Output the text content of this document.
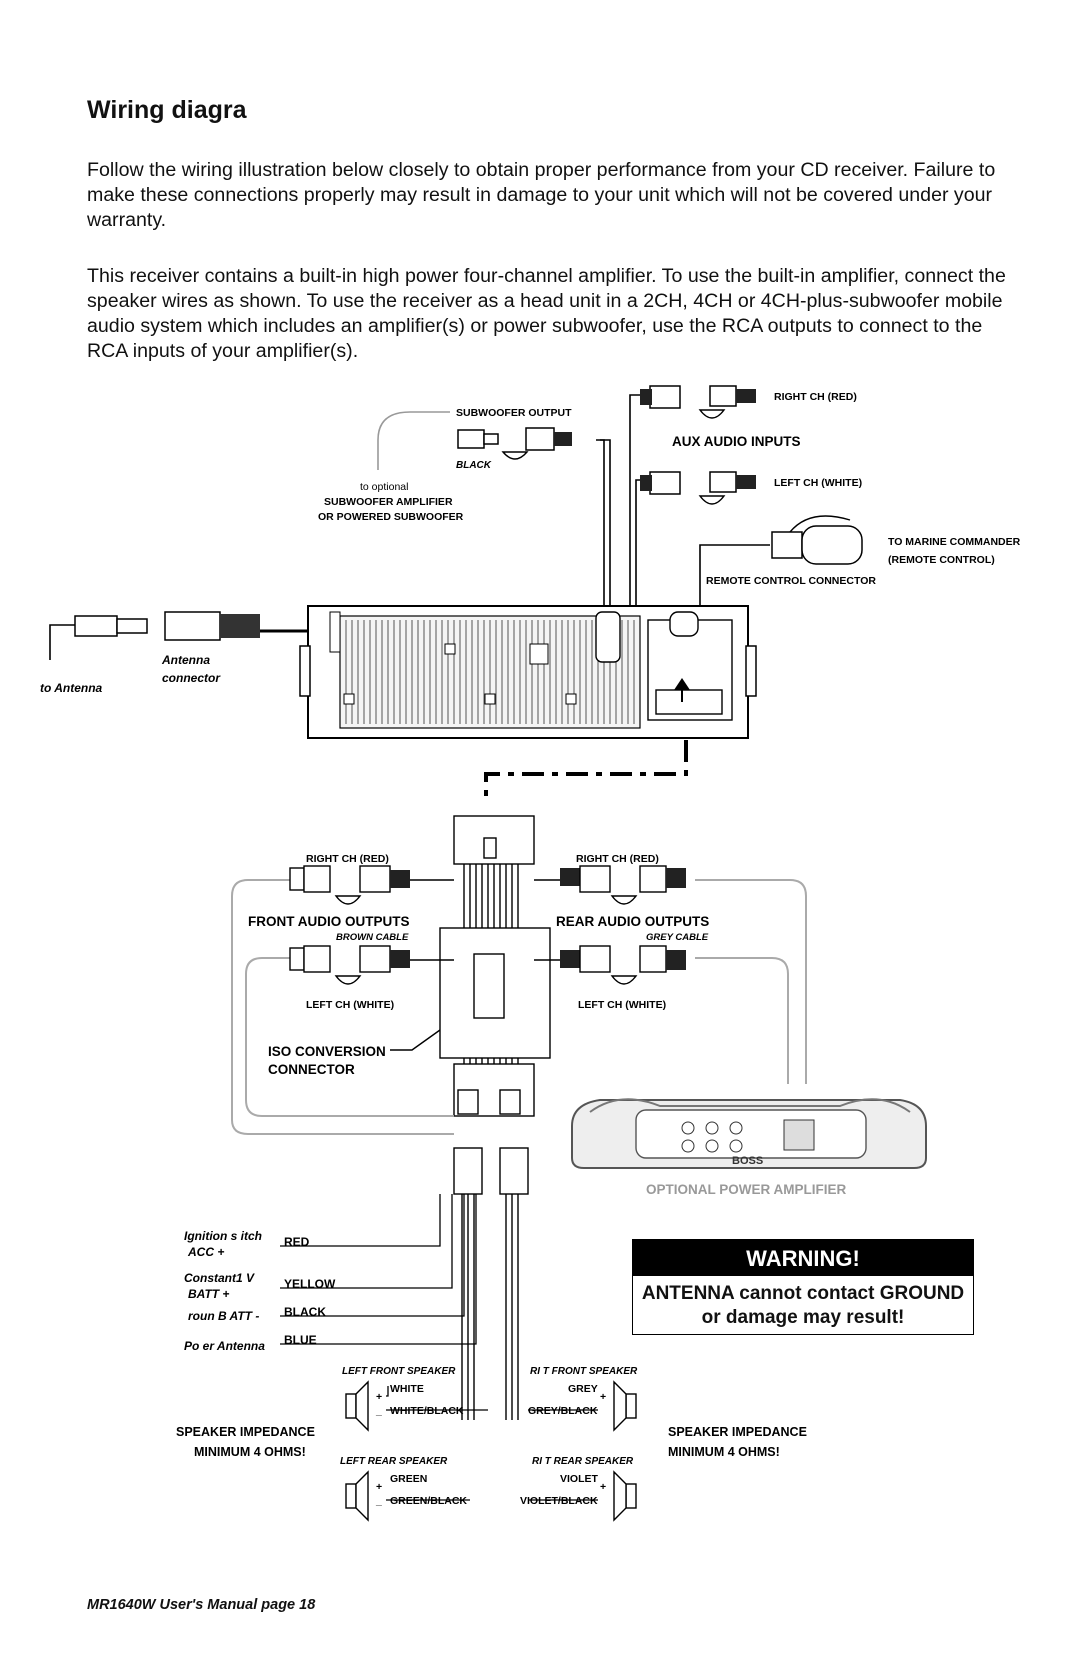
Wiring diagra

Follow the wiring illustration below closely to obtain proper performance from your CD receiver. Failure to make these connections properly may result in damage to your unit which will not be covered under your warranty.

This receiver contains a built-in high power four-channel amplifier. To use the built-in amplifier, connect the speaker wires as shown. To use the receiver as a head unit in a 2CH, 4CH or 4CH-plus-subwoofer mobile audio system which includes an amplifier(s) or power subwoofer, use the RCA outputs to connect to the RCA inputs of your amplifier(s).

BOSS
SUBWOOFER OUTPUT
BLACK
to optional
SUBWOOFER AMPLIFIER
OR POWERED SUBWOOFER
RIGHT CH (RED)
AUX AUDIO INPUTS
LEFT CH (WHITE)
TO MARINE COMMANDER
(REMOTE CONTROL)
REMOTE CONTROL CONNECTOR
Antenna
connector
to Antenna
RIGHT CH (RED)
FRONT AUDIO OUTPUTS
BROWN CABLE
LEFT CH (WHITE)
RIGHT CH (RED)
REAR AUDIO OUTPUTS
GREY CABLE
LEFT CH (WHITE)
ISO CONVERSION
CONNECTOR
OPTIONAL POWER AMPLIFIER
Ignition s itch
ACC +
RED
Constant1 V
BATT +
YELLOW
roun B ATT - BLACK
Po er Antenna BLUE
LEFT FRONT SPEAKER
WHITE
WHITE/BLACK
+
_
RI T FRONT SPEAKER
GREY
GREY/BLACK
+
SPEAKER IMPEDANCE
MINIMUM 4 OHMS!
SPEAKER IMPEDANCE
MINIMUM 4 OHMS!
LEFT REAR SPEAKER
GREEN
GREEN/BLACK
+
_
RI T REAR SPEAKER
VIOLET
VIOLET/BLACK
+
WARNING!
ANTENNA cannot contact GROUND
or damage may result!
MR1640W User's Manual page 18
